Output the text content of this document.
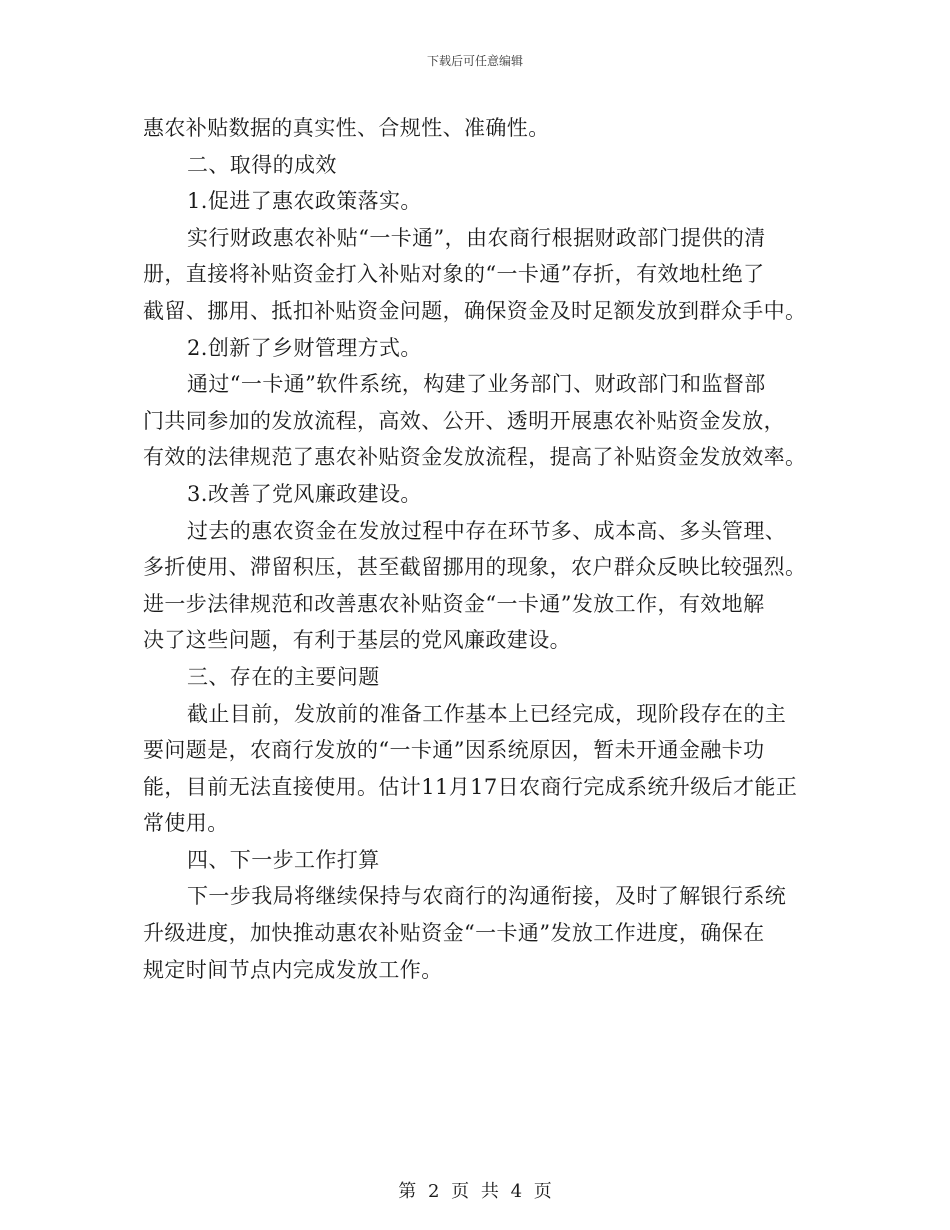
下载后可任意编辑
惠农补贴数据的真实性、合规性、准确性。
二、取得的成效
1.促进了惠农政策落实。
实行财政惠农补贴“一卡通”，由农商行根据财政部门提供的清
册，直接将补贴资金打入补贴对象的“一卡通”存折，有效地杜绝了
截留、挪用、抵扣补贴资金问题，确保资金及时足额发放到群众手中。
2.创新了乡财管理方式。
通过“一卡通”软件系统，构建了业务部门、财政部门和监督部
门共同参加的发放流程，高效、公开、透明开展惠农补贴资金发放，
有效的法律规范了惠农补贴资金发放流程，提高了补贴资金发放效率。
3.改善了党风廉政建设。
过去的惠农资金在发放过程中存在环节多、成本高、多头管理、
多折使用、滞留积压，甚至截留挪用的现象，农户群众反映比较强烈。
进一步法律规范和改善惠农补贴资金“一卡通”发放工作，有效地解
决了这些问题，有利于基层的党风廉政建设。
三、存在的主要问题
截止目前，发放前的准备工作基本上已经完成，现阶段存在的主
要问题是，农商行发放的“一卡通”因系统原因，暂未开通金融卡功
能，目前无法直接使用。估计11月17日农商行完成系统升级后才能正
常使用。
四、下一步工作打算
下一步我局将继续保持与农商行的沟通衔接，及时了解银行系统
升级进度，加快推动惠农补贴资金“一卡通”发放工作进度，确保在
规定时间节点内完成发放工作。
第 2 页 共 4 页
